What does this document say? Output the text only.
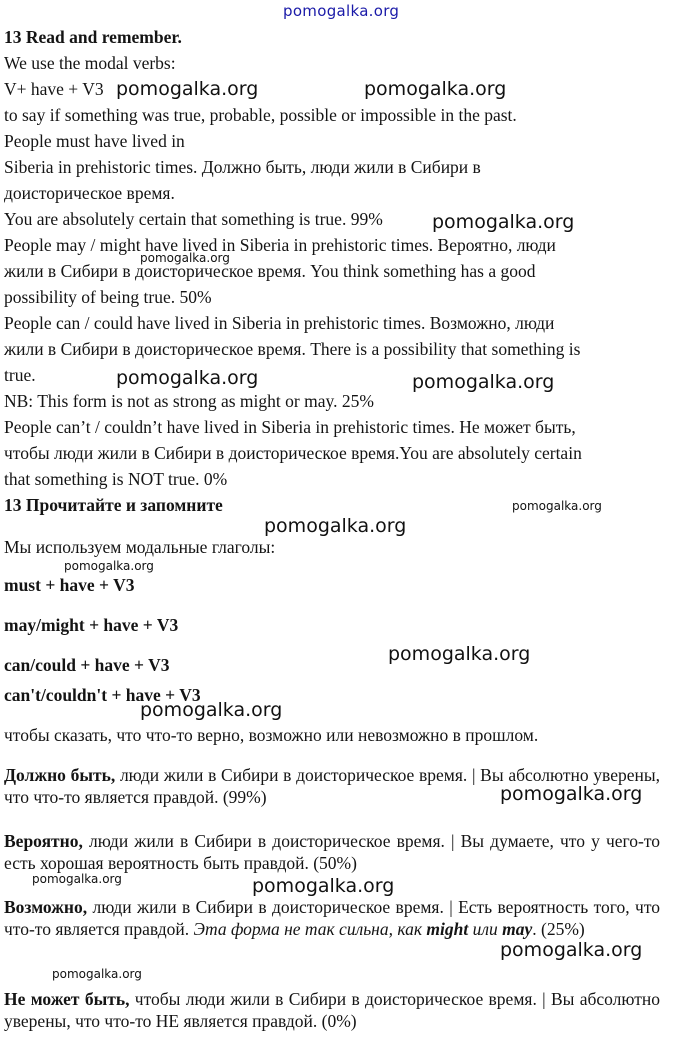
pomogalka.org
13 Read and remember.
We use the modal verbs:
V+ have + V3
to say if something was true, probable, possible or impossible in the past.
People must have lived in
Siberia in prehistoric times. Должно быть, люди жили в Сибири в
доисторическое время.
You are absolutely certain that something is true. 99%
People may / might have lived in Siberia in prehistoric times. Вероятно, люди
жили в Сибири в доисторическое время. You think something has a good
possibility of being true. 50%
People can / could have lived in Siberia in prehistoric times. Возможно, люди
жили в Сибири в доисторическое время. There is a possibility that something is
true.
NB: This form is not as strong as might or may. 25%
People can’t / couldn’t have lived in Siberia in prehistoric times. Не может быть,
чтобы люди жили в Сибири в доисторическое время.You are absolutely certain
that something is NOT true. 0%
13 Прочитайте и запомните
Мы используем модальные глаголы:
must + have + V3
may/might + have + V3
can/could + have + V3
can't/couldn't + have + V3
чтобы сказать, что что-то верно, возможно или невозможно в прошлом.
Должно быть, люди жили в Сибири в доисторическое время. | Вы абсолютно уверены, что что-то является правдой. (99%)
Вероятно, люди жили в Сибири в доисторическое время. | Вы думаете, что у чего-то есть хорошая вероятность быть правдой. (50%)
Возможно, люди жили в Сибири в доисторическое время. | Есть вероятность того, что что-то является правдой. Эта форма не так сильна, как might или may. (25%)
Не может быть, чтобы люди жили в Сибири в доисторическое время. | Вы абсолютно уверены, что что-то НЕ является правдой. (0%)
pomogalka.org	pomogalka.org
pomogalka.org
pomogalka.org
pomogalka.org	pomogalka.org
pomogalka.org
pomogalka.org
pomogalka.org
pomogalka.org
pomogalka.org
pomogalka.org
pomogalka.org	pomogalka.org
pomogalka.org
pomogalka.org
